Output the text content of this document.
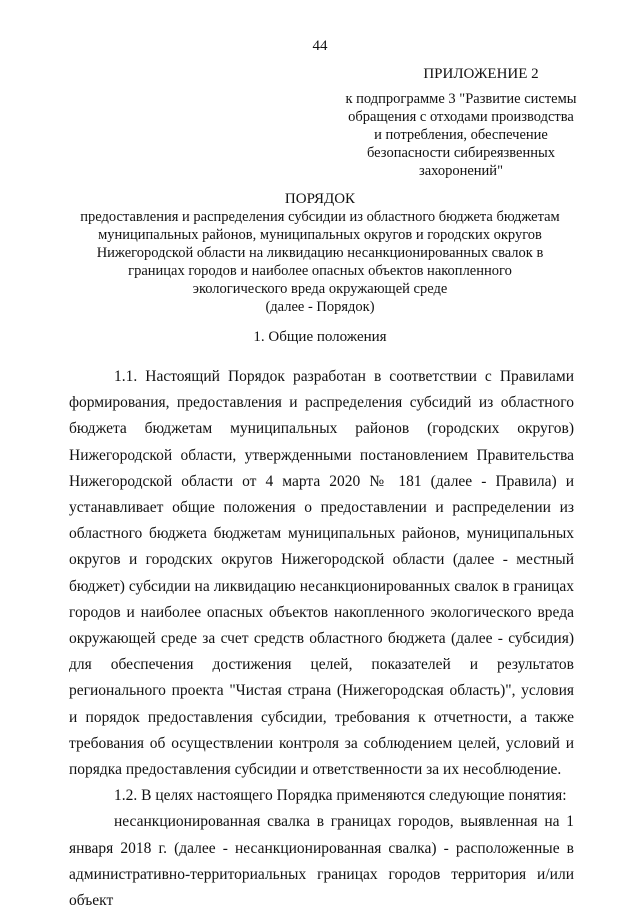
44
ПРИЛОЖЕНИЕ 2
к подпрограмме 3 "Развитие системы
обращения с отходами производства
и потребления, обеспечение
безопасности сибиреязвенных
захоронений"
ПОРЯДОК
предоставления и распределения субсидии из областного бюджета бюджетам
муниципальных районов, муниципальных округов и городских округов
Нижегородской области на ликвидацию несанкционированных свалок в
границах городов и наиболее опасных объектов накопленного
экологического вреда окружающей среде
(далее - Порядок)
1. Общие положения

1.1. Настоящий Порядок разработан в соответствии с Правилами формирования, предоставления и распределения субсидий из областного бюджета бюджетам муниципальных районов (городских округов) Нижегородской области, утвержденными постановлением Правительства Нижегородской области от 4 марта 2020 № 181 (далее - Правила) и устанавливает общие положения о предоставлении и распределении из областного бюджета бюджетам муниципальных районов, муниципальных округов и городских округов Нижегородской области (далее - местный бюджет) субсидии на ликвидацию несанкционированных свалок в границах городов и наиболее опасных объектов накопленного экологического вреда окружающей среде за счет средств областного бюджета (далее - субсидия) для обеспечения достижения целей, показателей и результатов регионального проекта "Чистая страна (Нижегородская область)", условия и порядок предоставления субсидии, требования к отчетности, а также требования об осуществлении контроля за соблюдением целей, условий и порядка предоставления субсидии и ответственности за их несоблюдение.

1.2. В целях настоящего Порядка применяются следующие понятия:

несанкционированная свалка в границах городов, выявленная на 1 января 2018 г. (далее - несанкционированная свалка) - расположенные в административно-территориальных границах городов территория и/или объект
